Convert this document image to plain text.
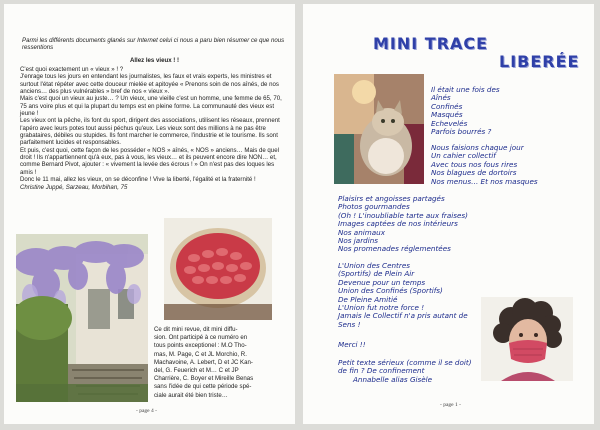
Parmi les différents documents glanés sur Internet celui ci nous a paru bien résumer ce que nous ressentions
Allez les vieux ! !
C'est quoi exactement un « vieux » ! ?
J'enrage tous les jours en entendant les journalistes, les faux et vrais experts, les ministres et surtout l'état répéter avec cette douceur mielée et apitoyée « Prenons soin de nos aînés, de nos anciens… des plus vulnérables » bref de nos « vieux ».
Mais c'est quoi un vieux au juste… ? Un vieux, une vieille c'est un homme, une femme de 65, 70, 75 ans voire plus et qui la plupart du temps est en pleine forme. La communauté des vieux est jeune !
Les vieux ont la pêche, ils font du sport, dirigent des associations, utilisent les réseaux, prennent l'apéro avec leurs potes tout aussi péchus qu'eux. Les vieux sont des millions à ne pas être grabataires, débiles ou stupides. Ils font marcher le commerce, l'industrie et le tourisme. Ils sont parfaitement lucides et responsables.
Et puis, c'est quoi, cette façon de les posséder « NOS » aînés, « NOS » anciens… Mais de quel droit ! Ils n'appartiennent qu'à eux, pas à vous, les vieux… et ils peuvent encore dire NON… et, comme Bernard Pivot, ajouter : « vivement la levée des écrous ! » On n'est pas des loques les amis !
Donc le 11 mai, allez les vieux, on se déconfine ! Vive la liberté, l'égalité et la fraternité !
Christine Juppé, Sarzeau, Morbihan, 75
Ce dit mini revue, dit mini diffu-
sion. Ont participé à ce numéro en
tous points exceptionel : M.O Tho-
mas, M. Page, C et JL Morchio, R.
Machavoine, A. Lebert, D et JC Kan-
del, G. Feuerich et M… C et JP
Charrière, C. Boyer et Mireille Benas
sans l'idée de qui cette période spé-
ciale aurait été bien triste…
- page 4 -
MINI TRACE
LIBERÉE
Il était une fois des
Aînés
Confinés
Masqués
Echevelés
Parfois bourrés ?
Nous faisions chaque jour
Un cahier collectif
Avec tous nos fous rires
Nos blagues de dortoirs
Nos menus… Et nos masques
Plaisirs et angoisses partagés
Photos gourmandes
(Oh ! L'inoubliable tarte aux fraises)
Images captées de nos intérieurs
Nos animaux
Nos jardins
Nos promenades réglementées
L'Union des Centres
(Sportifs) de Plein Air
Devenue pour un temps
Union des Confinés (Sportifs)
De Pleine Amitié
L'Union fut notre force !
Jamais le Collectif n'a pris autant de
Sens !
Merci !!
Petit texte sérieux (comme il se doit)
de fin ? De confinement
Annabelle alias Gisèle
- page 1 -
